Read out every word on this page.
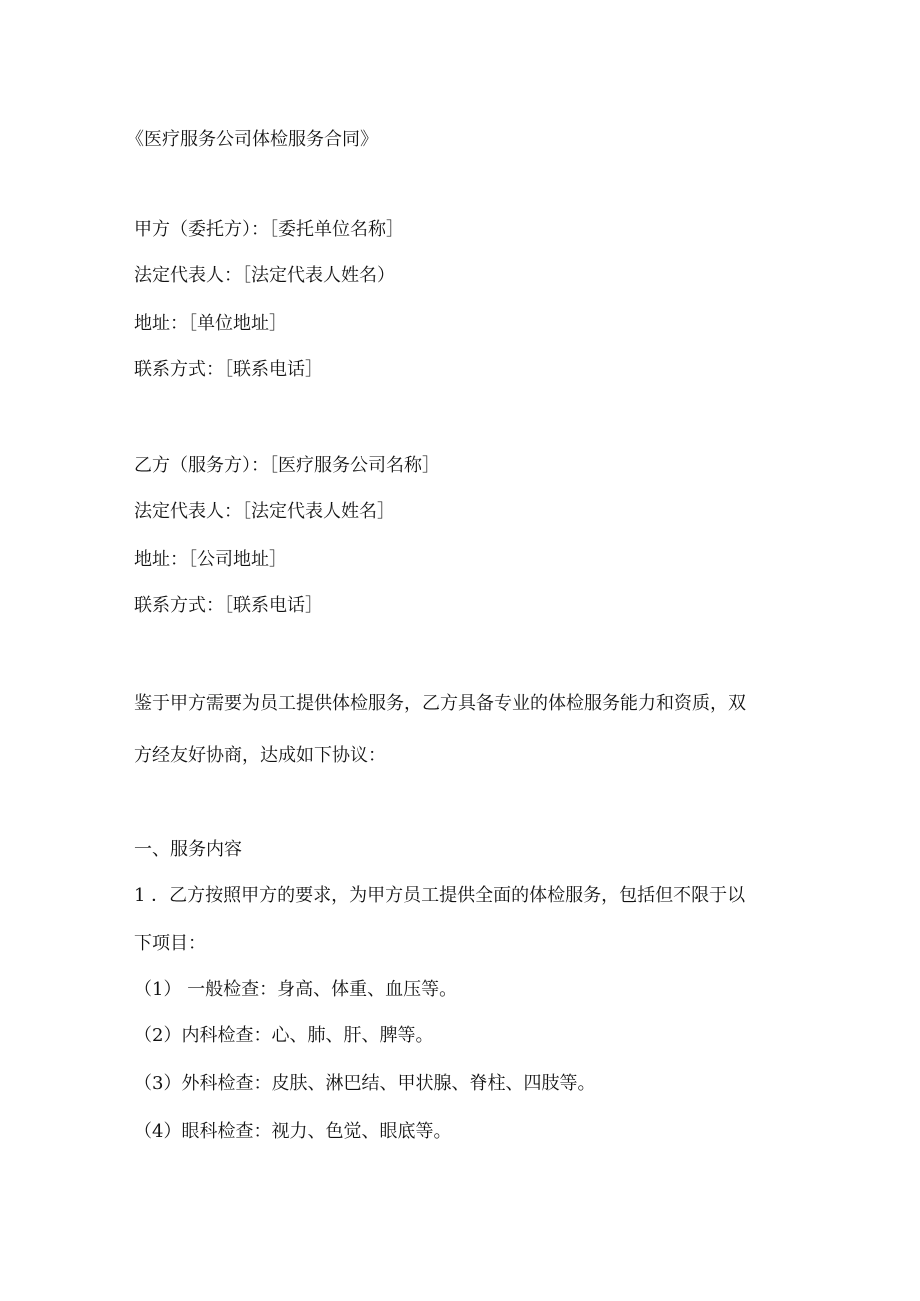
《医疗服务公司体检服务合同》
甲方（委托方）：［委托单位名称］
法定代表人：［法定代表人姓名）
地址：［单位地址］
联系方式：［联系电话］
乙方（服务方）：［医疗服务公司名称］
法定代表人：［法定代表人姓名］
地址：［公司地址］
联系方式：［联系电话］
鉴于甲方需要为员工提供体检服务，乙方具备专业的体检服务能力和资质，双
方经友好协商，达成如下协议：
一、服务内容
1 ．乙方按照甲方的要求，为甲方员工提供全面的体检服务，包括但不限于以
下项目：
（1） 一般检查：身高、体重、血压等。
（2）内科检查：心、肺、肝、脾等。
（3）外科检查：皮肤、淋巴结、甲状腺、脊柱、四肢等。
（4）眼科检查：视力、色觉、眼底等。
